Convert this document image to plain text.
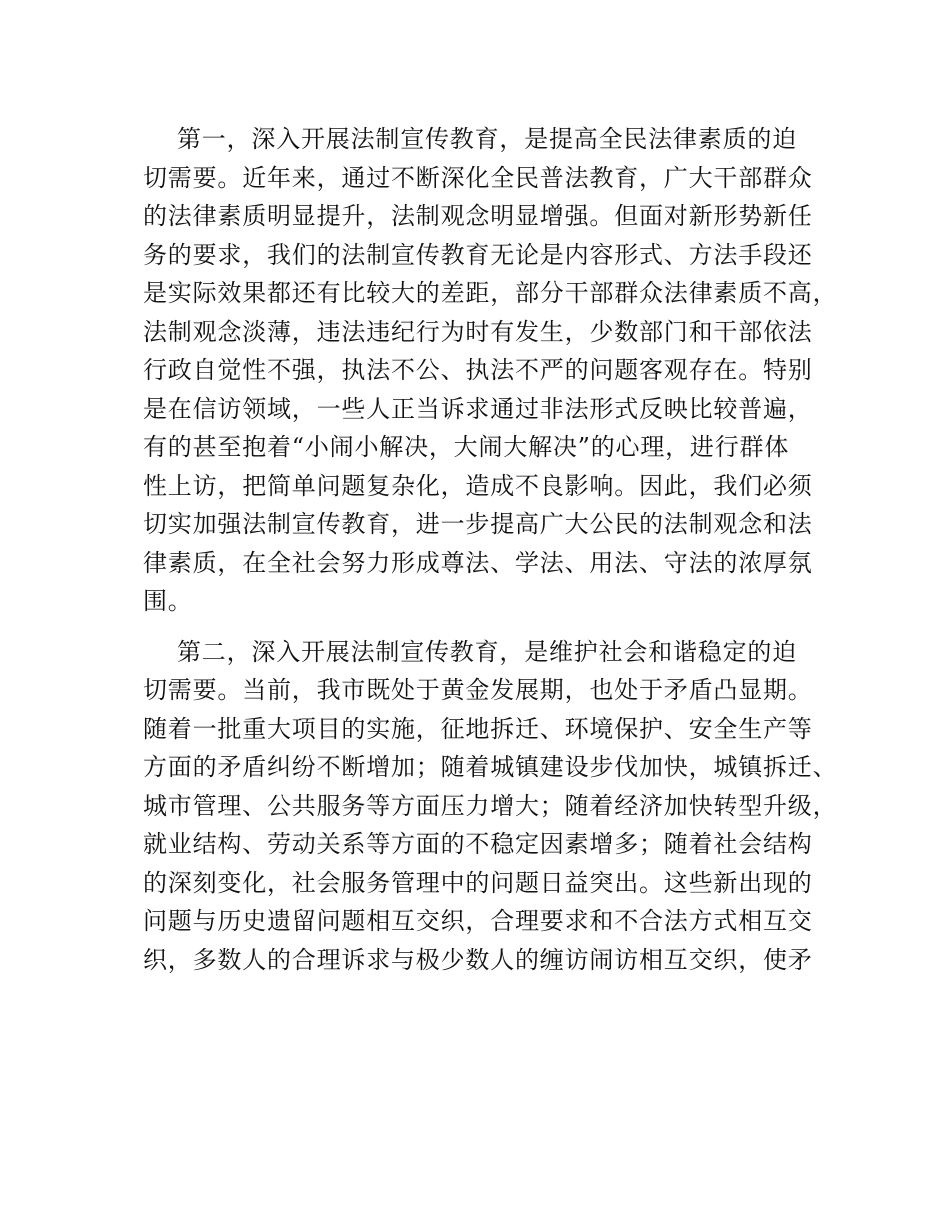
第一，深入开展法制宣传教育，是提高全民法律素质的迫
切需要。近年来，通过不断深化全民普法教育，广大干部群众
的法律素质明显提升，法制观念明显增强。但面对新形势新任
务的要求，我们的法制宣传教育无论是内容形式、方法手段还
是实际效果都还有比较大的差距，部分干部群众法律素质不高，
法制观念淡薄，违法违纪行为时有发生，少数部门和干部依法
行政自觉性不强，执法不公、执法不严的问题客观存在。特别
是在信访领域，一些人正当诉求通过非法形式反映比较普遍，
有的甚至抱着“小闹小解决，大闹大解决”的心理，进行群体
性上访，把简单问题复杂化，造成不良影响。因此，我们必须
切实加强法制宣传教育，进一步提高广大公民的法制观念和法
律素质，在全社会努力形成尊法、学法、用法、守法的浓厚氛
围。

第二，深入开展法制宣传教育，是维护社会和谐稳定的迫
切需要。当前，我市既处于黄金发展期，也处于矛盾凸显期。
随着一批重大项目的实施，征地拆迁、环境保护、安全生产等
方面的矛盾纠纷不断增加；随着城镇建设步伐加快，城镇拆迁、
城市管理、公共服务等方面压力增大；随着经济加快转型升级，
就业结构、劳动关系等方面的不稳定因素增多；随着社会结构
的深刻变化，社会服务管理中的问题日益突出。这些新出现的
问题与历史遗留问题相互交织，合理要求和不合法方式相互交
织，多数人的合理诉求与极少数人的缠访闹访相互交织，使矛
